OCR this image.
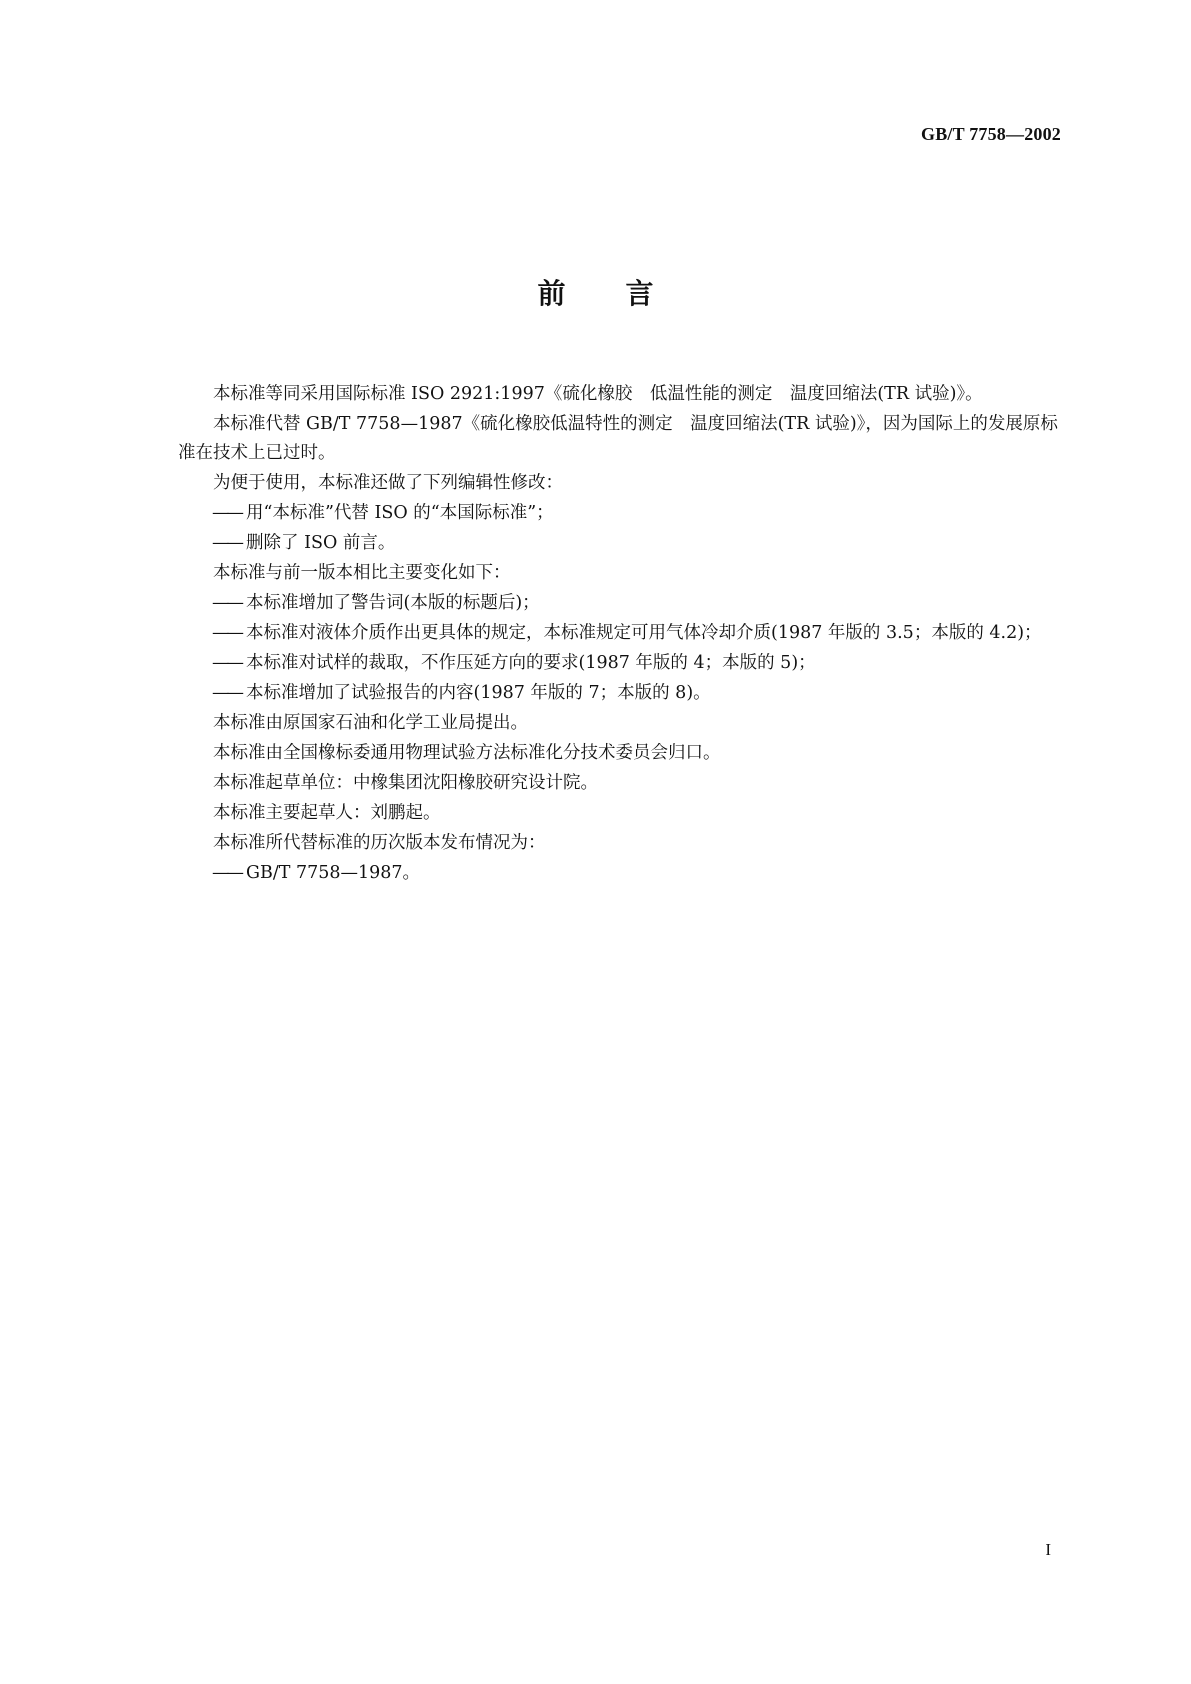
GB/T 7758—2002
前言

本标准等同采用国际标准 ISO 2921:1997《硫化橡胶　低温性能的测定　温度回缩法(TR 试验)》。

本标准代替 GB/T 7758—1987《硫化橡胶低温特性的测定　温度回缩法(TR 试验)》，因为国际上的发展原标准在技术上已过时。

为便于使用，本标准还做了下列编辑性修改：

—— 用“本标准”代替 ISO 的“本国际标准”；

—— 删除了 ISO 前言。

本标准与前一版本相比主要变化如下：

—— 本标准增加了警告词(本版的标题后)；

—— 本标准对液体介质作出更具体的规定，本标准规定可用气体冷却介质(1987 年版的 3.5；本版的 4.2)；

—— 本标准对试样的裁取，不作压延方向的要求(1987 年版的 4；本版的 5)；

—— 本标准增加了试验报告的内容(1987 年版的 7；本版的 8)。

本标准由原国家石油和化学工业局提出。

本标准由全国橡标委通用物理试验方法标准化分技术委员会归口。

本标准起草单位：中橡集团沈阳橡胶研究设计院。

本标准主要起草人：刘鹏起。

本标准所代替标准的历次版本发布情况为：

—— GB/T 7758—1987。

I
